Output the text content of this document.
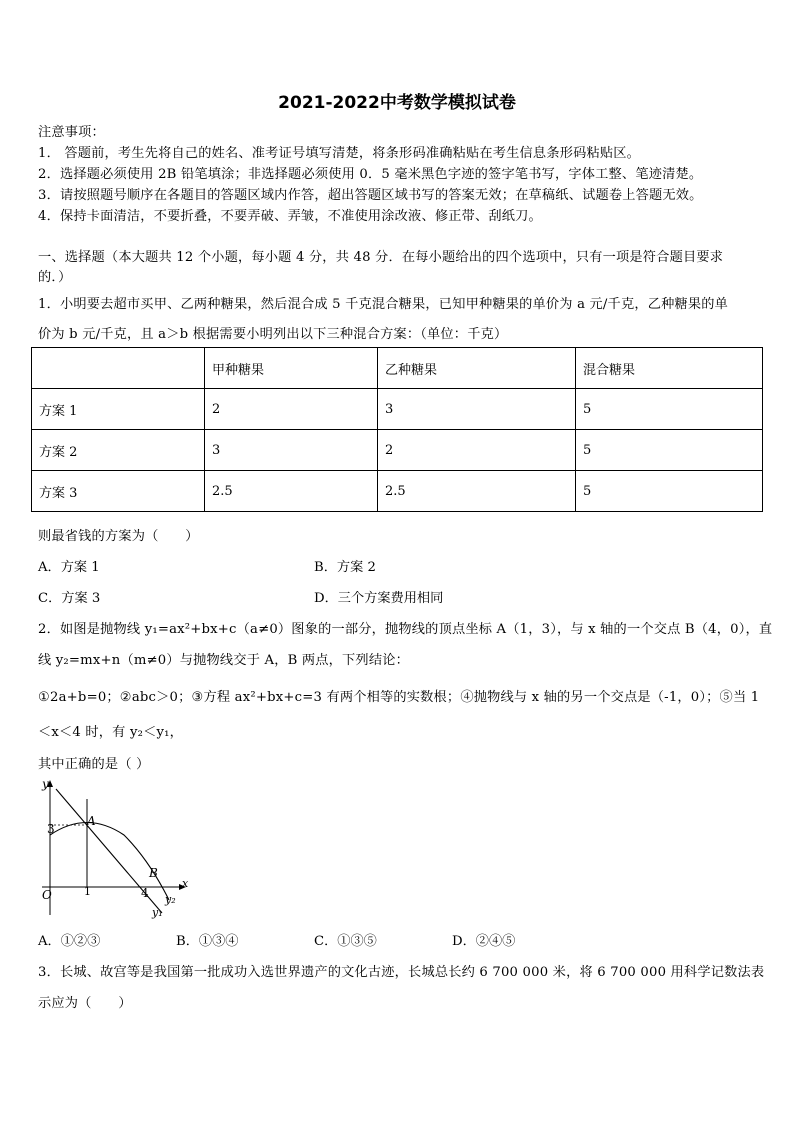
2021-2022中考数学模拟试卷
注意事项：
1． 答题前，考生先将自己的姓名、准考证号填写清楚，将条形码准确粘贴在考生信息条形码粘贴区。
2．选择题必须使用 2B 铅笔填涂；非选择题必须使用 0．5 毫米黑色字迹的签字笔书写，字体工整、笔迹清楚。
3．请按照题号顺序在各题目的答题区域内作答，超出答题区域书写的答案无效；在草稿纸、试题卷上答题无效。
4．保持卡面清洁，不要折叠，不要弄破、弄皱，不准使用涂改液、修正带、刮纸刀。
一、选择题（本大题共 12 个小题，每小题 4 分，共 48 分．在每小题给出的四个选项中，只有一项是符合题目要求
的．）
1．小明要去超市买甲、乙两种糖果，然后混合成 5 千克混合糖果，已知甲种糖果的单价为 a 元/千克，乙种糖果的单
价为 b 元/千克，且 a＞b 根据需要小明列出以下三种混合方案：（单位：千克）
	甲种糖果	乙种糖果	混合糖果
方案 1	2	3	5
方案 2	3	2	5
方案 3	2.5	2.5	5
则最省钱的方案为（　　）
A．方案 1	B．方案 2
C．方案 3	D．三个方案费用相同
2．如图是抛物线 y₁=ax²+bx+c（a≠0）图象的一部分，抛物线的顶点坐标 A（1，3），与 x 轴的一个交点 B（4，0），直
线 y₂=mx+n（m≠0）与抛物线交于 A，B 两点，下列结论：
①2a+b=0；②abc＞0；③方程 ax²+bx+c=3 有两个相等的实数根；④抛物线与 x 轴的另一个交点是（-1，0）；⑤当 1
＜x＜4 时，有 y₂＜y₁，
其中正确的是（ ）
y
x
O
3
1	4
A
B
y₂
y₁
A．①②③	B．①③④	C．①③⑤	D．②④⑤
3．长城、故宫等是我国第一批成功入选世界遗产的文化古迹，长城总长约 6 700 000 米，将 6 700 000 用科学记数法表
示应为（　　）
